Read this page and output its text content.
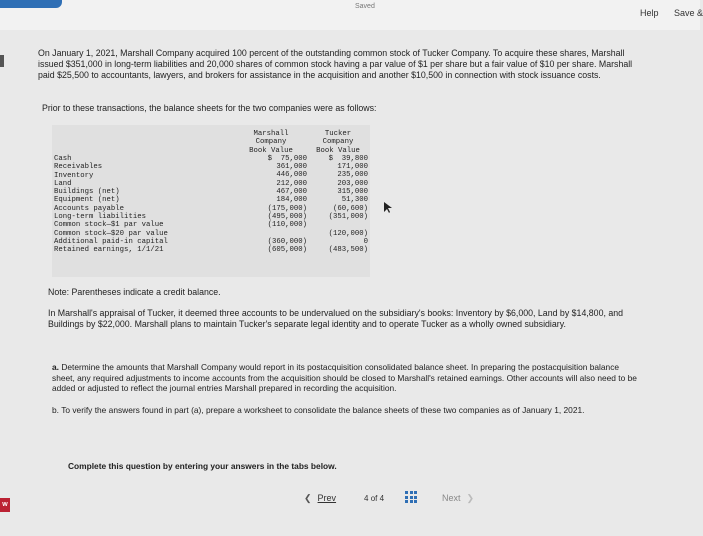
Saved
Help Save &
On January 1, 2021, Marshall Company acquired 100 percent of the outstanding common stock of Tucker Company. To acquire these shares, Marshall issued $351,000 in long-term liabilities and 20,000 shares of common stock having a par value of $1 per share but a fair value of $10 per share. Marshall paid $25,500 to accountants, lawyers, and brokers for assistance in the acquisition and another $10,500 in connection with stock issuance costs.
Prior to these transactions, the balance sheets for the two companies were as follows:
Cash
Receivables
Inventory
Land
Buildings (net)
Equipment (net)
Accounts payable
Long-term liabilities
Common stock—$1 par value
Common stock—$20 par value
Additional paid-in capital
Retained earnings, 1/1/21
Marshall
Company
Book Value
$  75,000
361,000
446,000
212,000
467,000
184,000
(175,000)
(495,000)
(110,000)
(360,000)
(605,000)
Tucker
Company
Book Value
$  39,800
171,000
235,000
203,000
315,000
51,300
(60,600)
(351,000)
(120,000)
0
(483,500)
Note: Parentheses indicate a credit balance.
In Marshall's appraisal of Tucker, it deemed three accounts to be undervalued on the subsidiary's books: Inventory by $6,000, Land by $14,800, and Buildings by $22,000. Marshall plans to maintain Tucker's separate legal identity and to operate Tucker as a wholly owned subsidiary.
a. Determine the amounts that Marshall Company would report in its postacquisition consolidated balance sheet. In preparing the postacquisition balance sheet, any required adjustments to income accounts from the acquisition should be closed to Marshall's retained earnings. Other accounts will also need to be added or adjusted to reflect the journal entries Marshall prepared in recording the acquisition.
b. To verify the answers found in part (a), prepare a worksheet to consolidate the balance sheets of these two companies as of January 1, 2021.
Complete this question by entering your answers in the tabs below.
❮ Prev	4 of 4	Next ❯
w
